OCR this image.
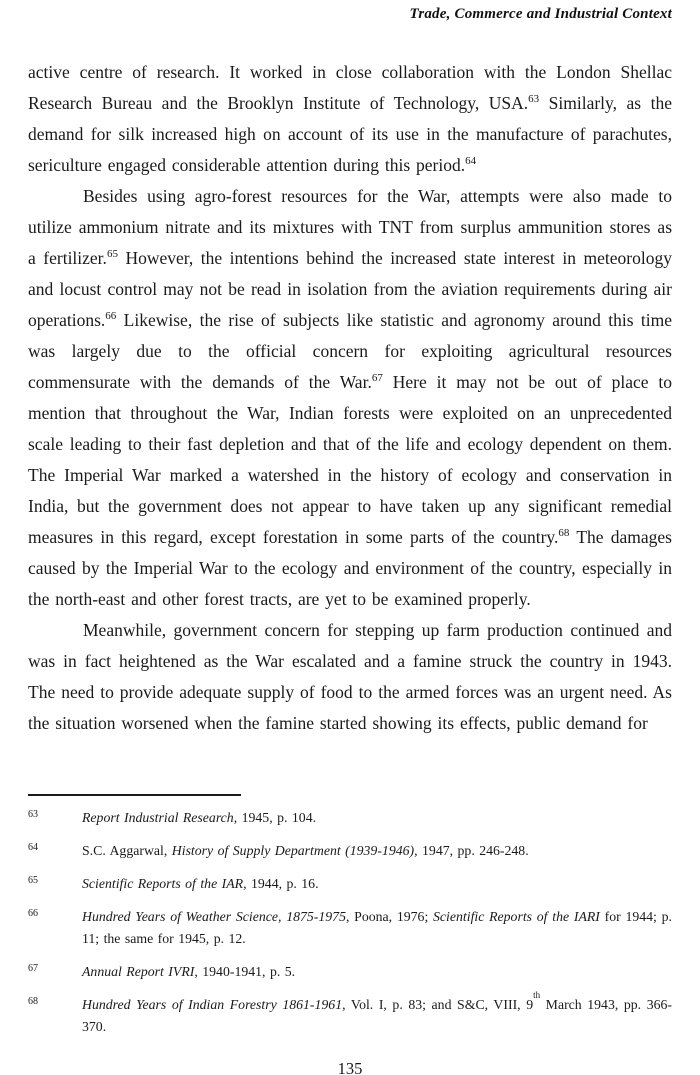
Trade, Commerce and Industrial Context

active centre of research. It worked in close collaboration with the London Shellac Research Bureau and the Brooklyn Institute of Technology, USA.$^{63}$ Similarly, as the demand for silk increased high on account of its use in the manufacture of parachutes, sericulture engaged considerable attention during this period.$^{64}$

Besides using agro-forest resources for the War, attempts were also made to utilize ammonium nitrate and its mixtures with TNT from surplus ammunition stores as a fertilizer.$^{65}$ However, the intentions behind the increased state interest in meteorology and locust control may not be read in isolation from the aviation requirements during air operations.$^{66}$ Likewise, the rise of subjects like statistic and agronomy around this time was largely due to the official concern for exploiting agricultural resources commensurate with the demands of the War.$^{67}$ Here it may not be out of place to mention that throughout the War, Indian forests were exploited on an unprecedented scale leading to their fast depletion and that of the life and ecology dependent on them. The Imperial War marked a watershed in the history of ecology and conservation in India, but the government does not appear to have taken up any significant remedial measures in this regard, except forestation in some parts of the country.$^{68}$ The damages caused by the Imperial War to the ecology and environment of the country, especially in the north-east and other forest tracts, are yet to be examined properly.

Meanwhile, government concern for stepping up farm production continued and was in fact heightened as the War escalated and a famine struck the country in 1943. The need to provide adequate supply of food to the armed forces was an urgent need. As the situation worsened when the famine started showing its effects, public demand for

63	Report Industrial Research, 1945, p. 104.
64	S.C. Aggarwal, History of Supply Department (1939-1946), 1947, pp. 246-248.
65	Scientific Reports of the IAR, 1944, p. 16.
66	Hundred Years of Weather Science, 1875-1975, Poona, 1976; Scientific Reports of the IARI for 1944; p. 11; the same for 1945, p. 12.
67	Annual Report IVRI, 1940-1941, p. 5.
68	Hundred Years of Indian Forestry 1861-1961, Vol. I, p. 83; and S&C, VIII, 9th March 1943, pp. 366-370.
135
